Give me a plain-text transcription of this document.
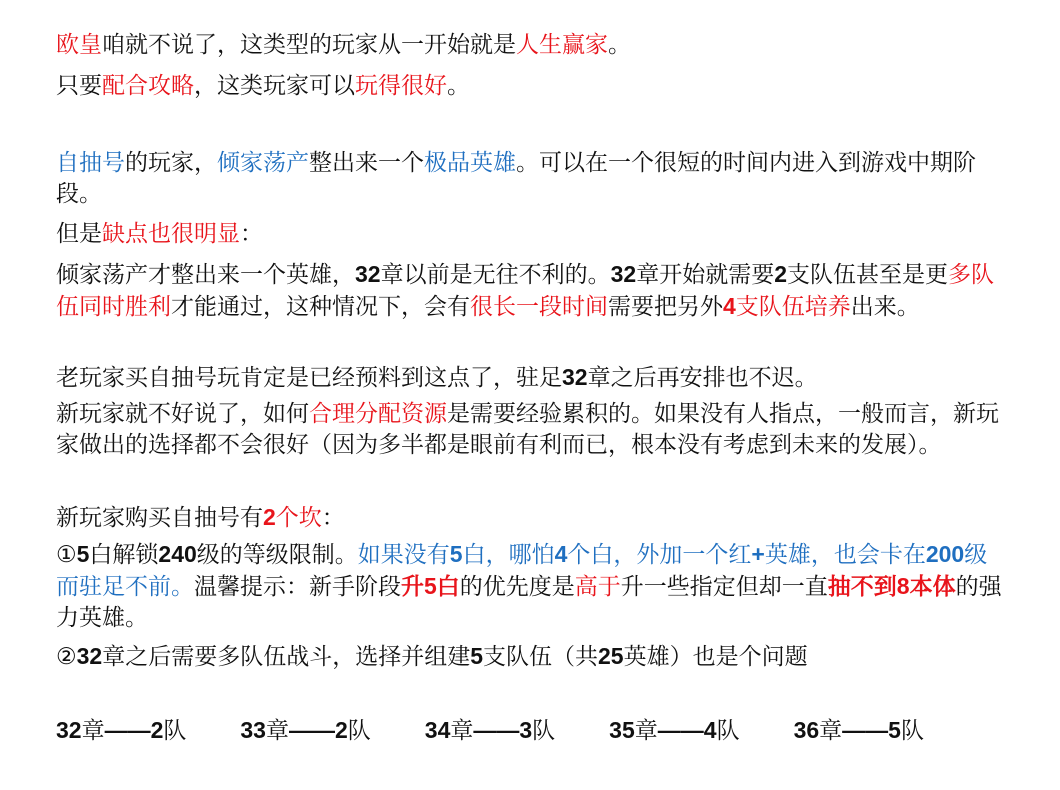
欧皇咱就不说了，这类型的玩家从一开始就是人生赢家。

只要配合攻略，这类玩家可以玩得很好。

自抽号的玩家，倾家荡产整出来一个极品英雄。可以在一个很短的时间内进入到游戏中期阶段。

但是缺点也很明显：

倾家荡产才整出来一个英雄，32章以前是无往不利的。32章开始就需要2支队伍甚至是更多队伍同时胜利才能通过，这种情况下，会有很长一段时间需要把另外4支队伍培养出来。

老玩家买自抽号玩肯定是已经预料到这点了，驻足32章之后再安排也不迟。

新玩家就不好说了，如何合理分配资源是需要经验累积的。如果没有人指点，一般而言，新玩家做出的选择都不会很好（因为多半都是眼前有利而已，根本没有考虑到未来的发展）。

新玩家购买自抽号有2个坎：

①5白解锁240级的等级限制。如果没有5白，哪怕4个白，外加一个红+英雄，也会卡在200级而驻足不前。温馨提示：新手阶段升5白的优先度是高于升一些指定但却一直抽不到8本体的强力英雄。

②32章之后需要多队伍战斗，选择并组建5支队伍（共25英雄）也是个问题

32章——2队 33章——2队 34章——3队 35章——4队 36章——5队
